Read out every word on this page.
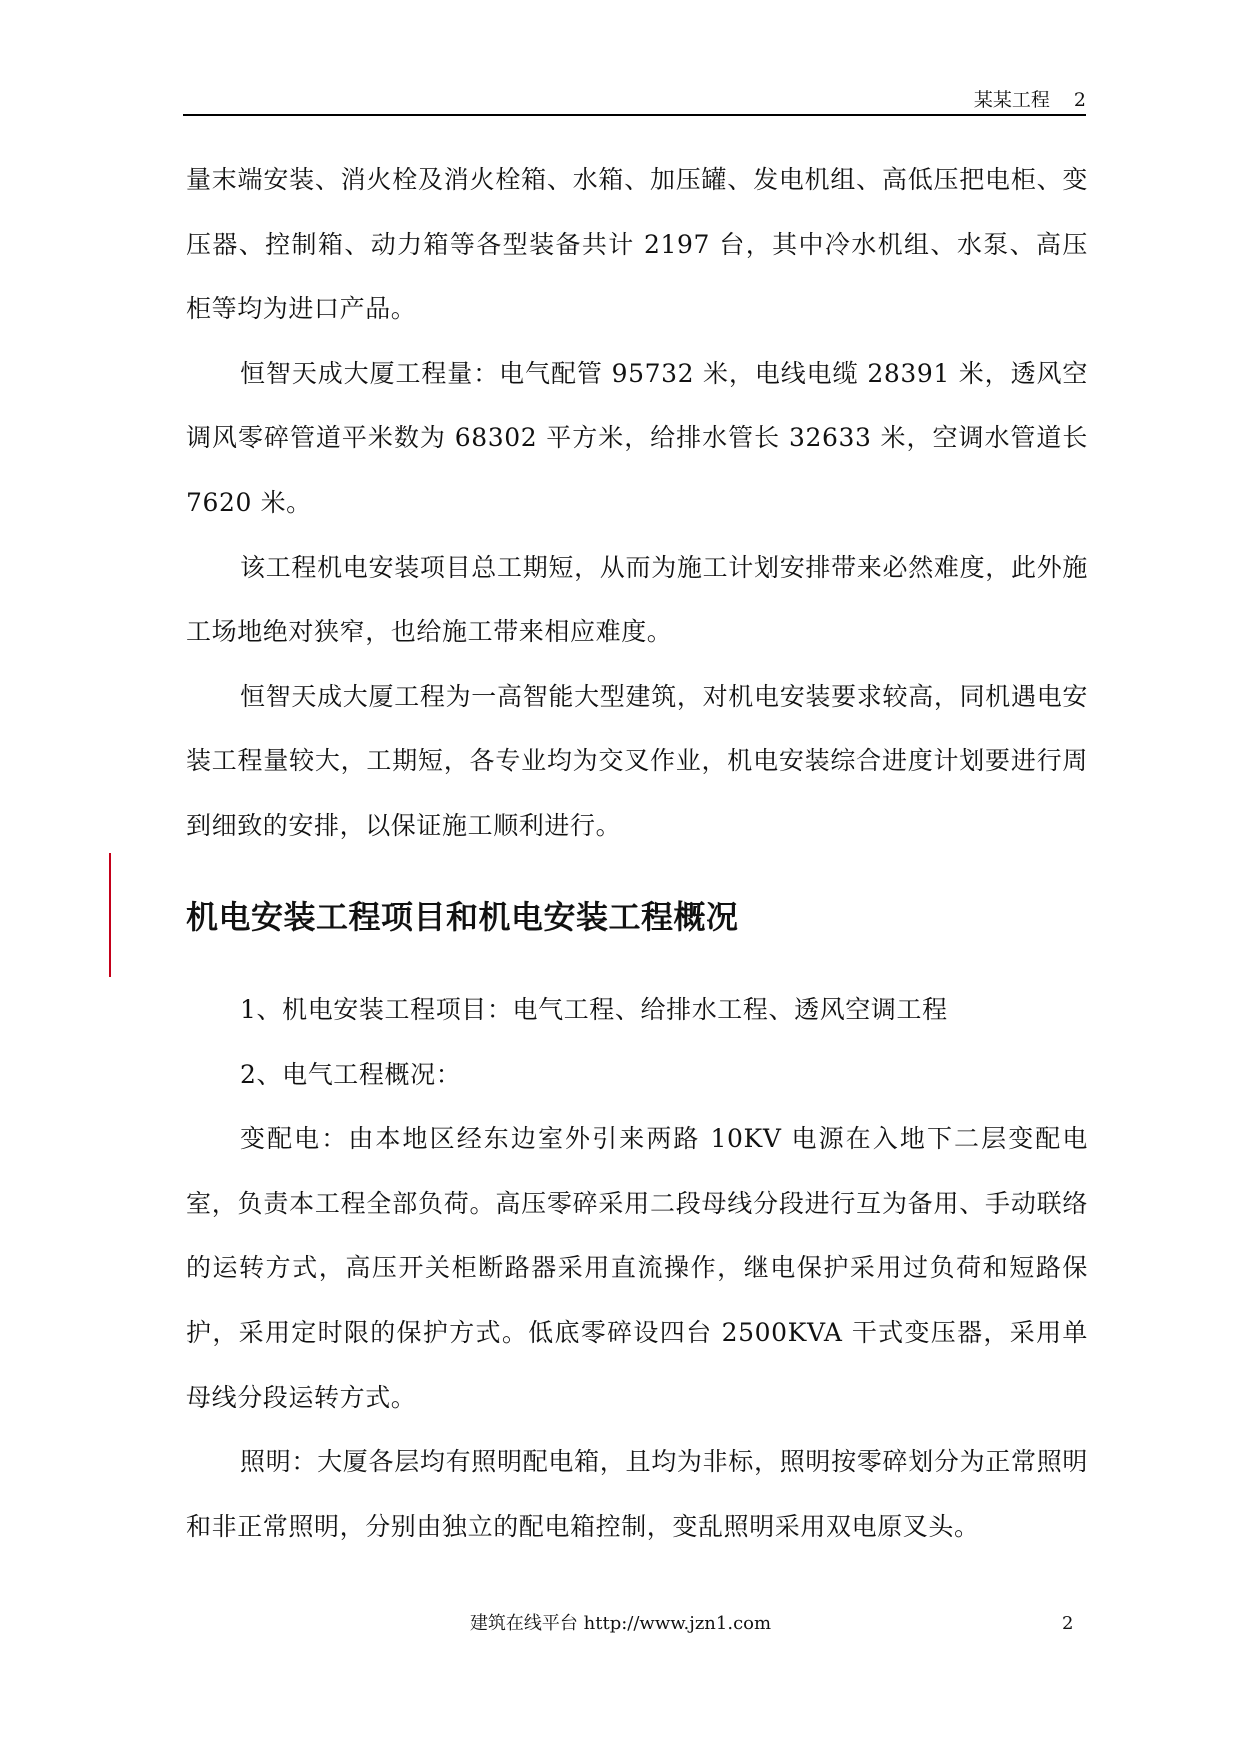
某某工程 2

量末端安装、消火栓及消火栓箱、水箱、加压罐、发电机组、高低压把电柜、变压器、控制箱、动力箱等各型装备共计 2197 台，其中冷水机组、水泵、高压柜等均为进口产品。

恒智天成大厦工程量：电气配管 95732 米，电线电缆 28391 米，透风空调风零碎管道平米数为 68302 平方米，给排水管长 32633 米，空调水管道长 7620 米。

该工程机电安装项目总工期短，从而为施工计划安排带来必然难度，此外施工场地绝对狭窄，也给施工带来相应难度。

恒智天成大厦工程为一高智能大型建筑，对机电安装要求较高，同机遇电安装工程量较大，工期短，各专业均为交叉作业，机电安装综合进度计划要进行周到细致的安排，以保证施工顺利进行。

机电安装工程项目和机电安装工程概况

1、机电安装工程项目：电气工程、给排水工程、透风空调工程

2、电气工程概况：

变配电：由本地区经东边室外引来两路 10KV 电源在入地下二层变配电室，负责本工程全部负荷。高压零碎采用二段母线分段进行互为备用、手动联络的运转方式，高压开关柜断路器采用直流操作，继电保护采用过负荷和短路保护，采用定时限的保护方式。低底零碎设四台 2500KVA 干式变压器，采用单母线分段运转方式。

照明：大厦各层均有照明配电箱，且均为非标，照明按零碎划分为正常照明和非正常照明，分别由独立的配电箱控制，变乱照明采用双电原叉头。

建筑在线平台 http://www.jzn1.com	2
